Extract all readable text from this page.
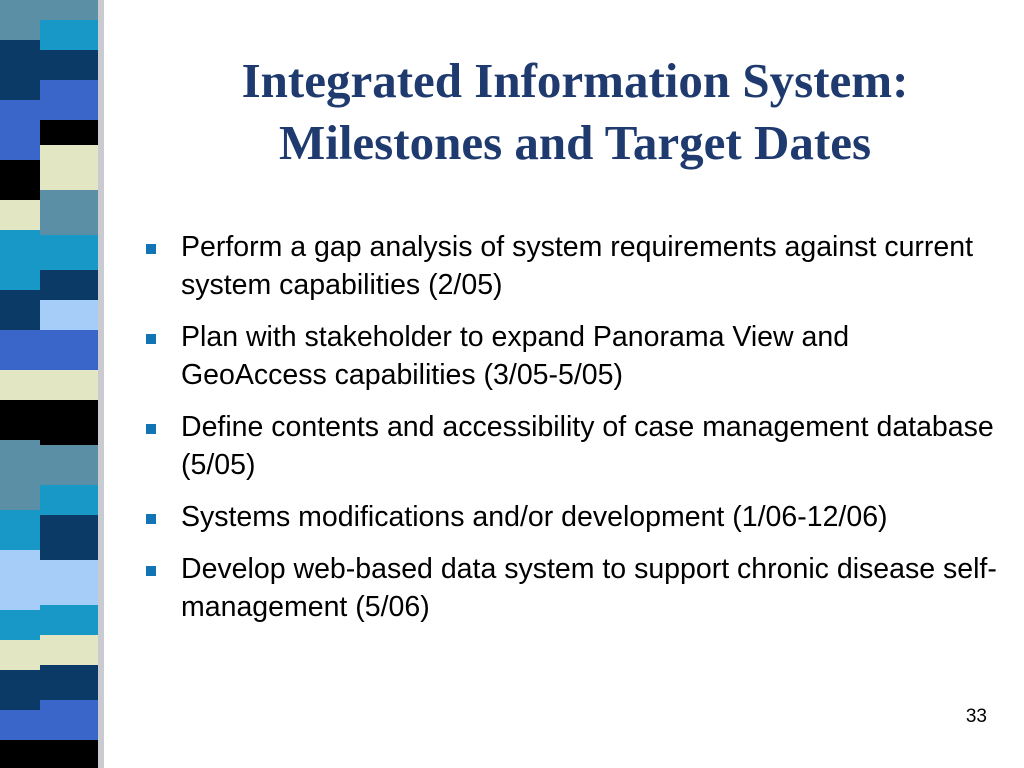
Integrated Information System:
Milestones and Target Dates
Perform a gap analysis of system requirements against current system capabilities (2/05)
Plan with stakeholder to expand Panorama View and GeoAccess capabilities (3/05-5/05)
Define contents and accessibility of case management database (5/05)
Systems modifications and/or development (1/06-12/06)
Develop web-based data system to support chronic disease self-management (5/06)
33
